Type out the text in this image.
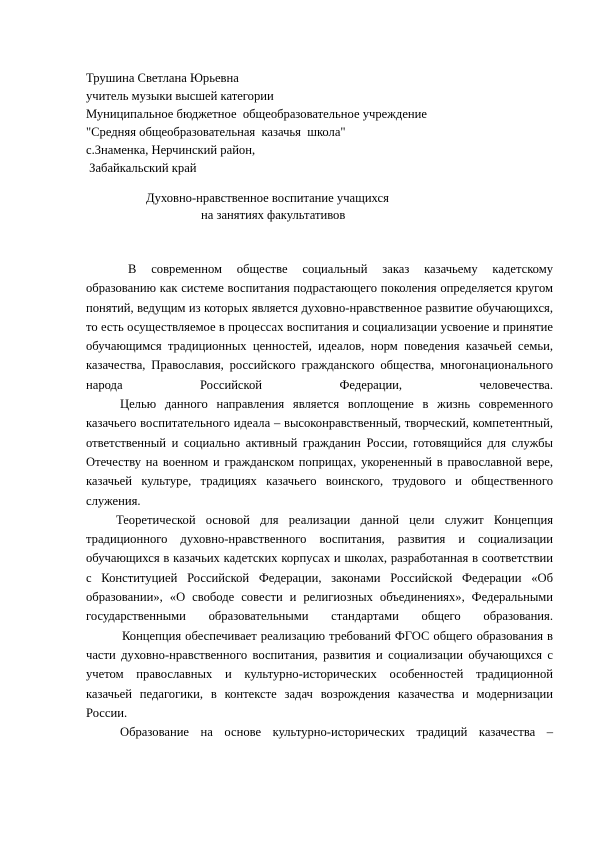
Трушина Светлана Юрьевна
учитель музыки высшей категории
Муниципальное бюджетное  общеобразовательное учреждение
"Средняя общеобразовательная  казачья  школа"
с.Знаменка, Нерчинский район,
Забайкальский край
Духовно-нравственное воспитание учащихся
на занятиях факультативов

В современном обществе социальный заказ казачьему кадетскому образованию как системе воспитания подрастающего поколения определяется кругом понятий, ведущим из которых является духовно-нравственное развитие обучающихся, то есть осуществляемое в процессах воспитания и социализации усвоение и принятие обучающимся традиционных ценностей, идеалов, норм поведения казачьей семьи, казачества, Православия, российского гражданского общества, многонационального народа Российской Федерации, человечества.

Целью данного направления является воплощение в жизнь современного казачьего воспитательного идеала – высоконравственный, творческий, компетентный, ответственный и социально активный гражданин России, готовящийся для службы Отечеству на военном и гражданском поприщах, укорененный в православной вере, казачьей культуре, традициях казачьего воинского, трудового и общественного служения.

Теоретической основой для реализации данной цели служит Концепция традиционного духовно-нравственного воспитания, развития и социализации обучающихся в казачьих кадетских корпусах и школах, разработанная в соответствии с Конституцией Российской Федерации, законами Российской Федерации «Об образовании», «О свободе совести и религиозных объединениях», Федеральными государственными образовательными стандартами общего образования.

Концепция обеспечивает реализацию требований ФГОС общего образования в части духовно-нравственного воспитания, развития и социализации обучающихся с учетом православных и культурно-исторических особенностей традиционной казачьей педагогики, в контексте задач возрождения казачества и модернизации России.

Образование на основе культурно-исторических традиций казачества –
